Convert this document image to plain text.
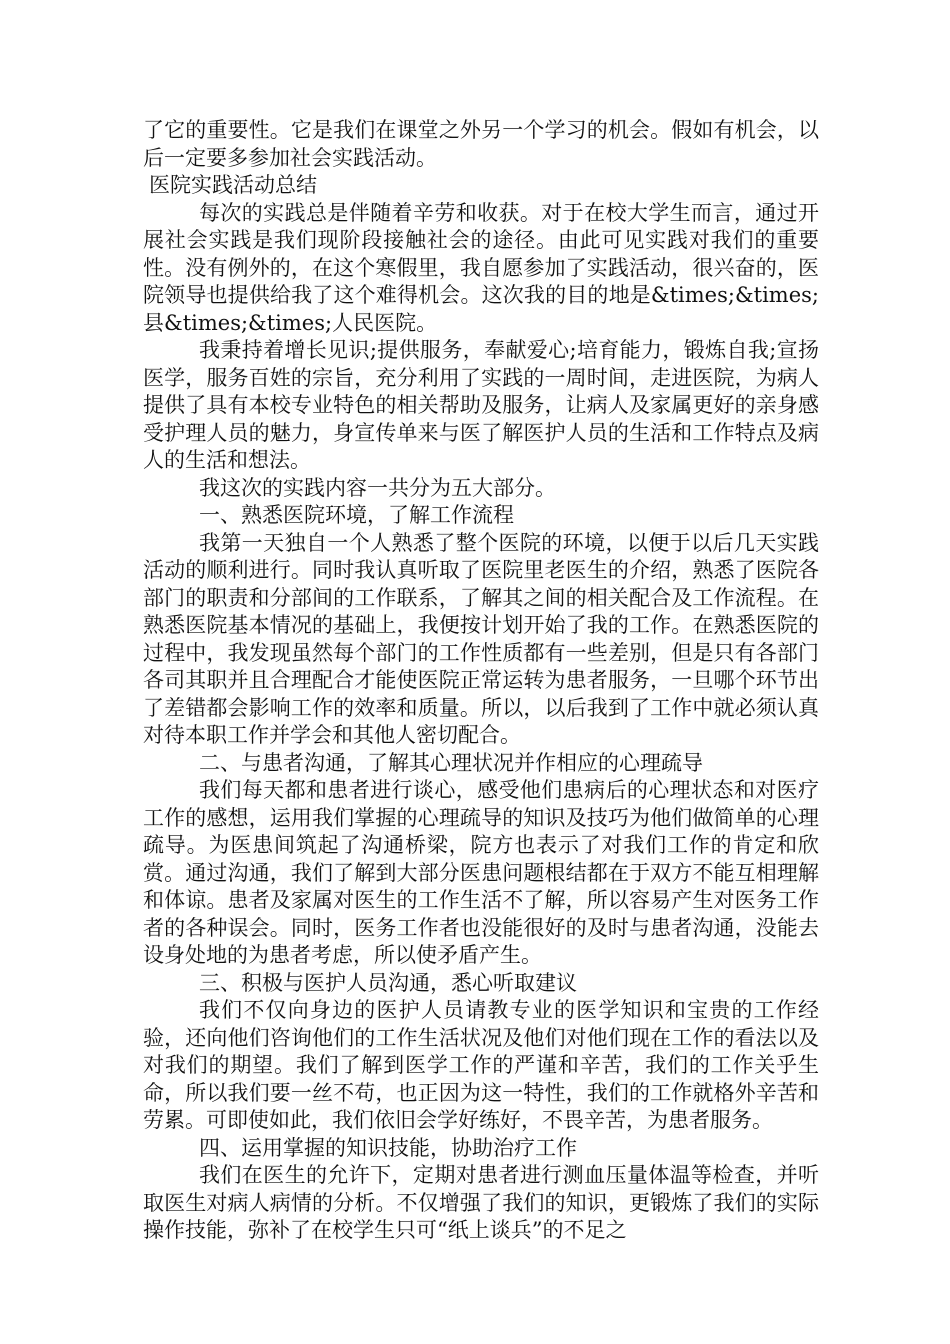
了它的重要性。它是我们在课堂之外另一个学习的机会。假如有机会，以后一定要多参加社会实践活动。

医院实践活动总结

每次的实践总是伴随着辛劳和收获。对于在校大学生而言，通过开展社会实践是我们现阶段接触社会的途径。由此可见实践对我们的重要性。没有例外的，在这个寒假里，我自愿参加了实践活动，很兴奋的，医院领导也提供给我了这个难得机会。这次我的目的地是&times;&times;县&times;&times;人民医院。

我秉持着增长见识;提供服务，奉献爱心;培育能力，锻炼自我;宣扬医学，服务百姓的宗旨，充分利用了实践的一周时间，走进医院，为病人提供了具有本校专业特色的相关帮助及服务，让病人及家属更好的亲身感受护理人员的魅力，身宣传单来与医了解医护人员的生活和工作特点及病人的生活和想法。

我这次的实践内容一共分为五大部分。

一、熟悉医院环境，了解工作流程

我第一天独自一个人熟悉了整个医院的环境，以便于以后几天实践活动的顺利进行。同时我认真听取了医院里老医生的介绍，熟悉了医院各部门的职责和分部间的工作联系，了解其之间的相关配合及工作流程。在熟悉医院基本情况的基础上，我便按计划开始了我的工作。在熟悉医院的过程中，我发现虽然每个部门的工作性质都有一些差别，但是只有各部门各司其职并且合理配合才能使医院正常运转为患者服务，一旦哪个环节出了差错都会影响工作的效率和质量。所以，以后我到了工作中就必须认真对待本职工作并学会和其他人密切配合。

二、与患者沟通，了解其心理状况并作相应的心理疏导

我们每天都和患者进行谈心，感受他们患病后的心理状态和对医疗工作的感想，运用我们掌握的心理疏导的知识及技巧为他们做简单的心理疏导。为医患间筑起了沟通桥梁，院方也表示了对我们工作的肯定和欣赏。通过沟通，我们了解到大部分医患问题根结都在于双方不能互相理解和体谅。患者及家属对医生的工作生活不了解，所以容易产生对医务工作者的各种误会。同时，医务工作者也没能很好的及时与患者沟通，没能去设身处地的为患者考虑，所以使矛盾产生。

三、积极与医护人员沟通，悉心听取建议

我们不仅向身边的医护人员请教专业的医学知识和宝贵的工作经验，还向他们咨询他们的工作生活状况及他们对他们现在工作的看法以及对我们的期望。我们了解到医学工作的严谨和辛苦，我们的工作关乎生命，所以我们要一丝不苟，也正因为这一特性，我们的工作就格外辛苦和劳累。可即使如此，我们依旧会学好练好，不畏辛苦，为患者服务。

四、运用掌握的知识技能，协助治疗工作

我们在医生的允许下，定期对患者进行测血压量体温等检查，并听取医生对病人病情的分析。不仅增强了我们的知识，更锻炼了我们的实际操作技能，弥补了在校学生只可“纸上谈兵”的不足之
